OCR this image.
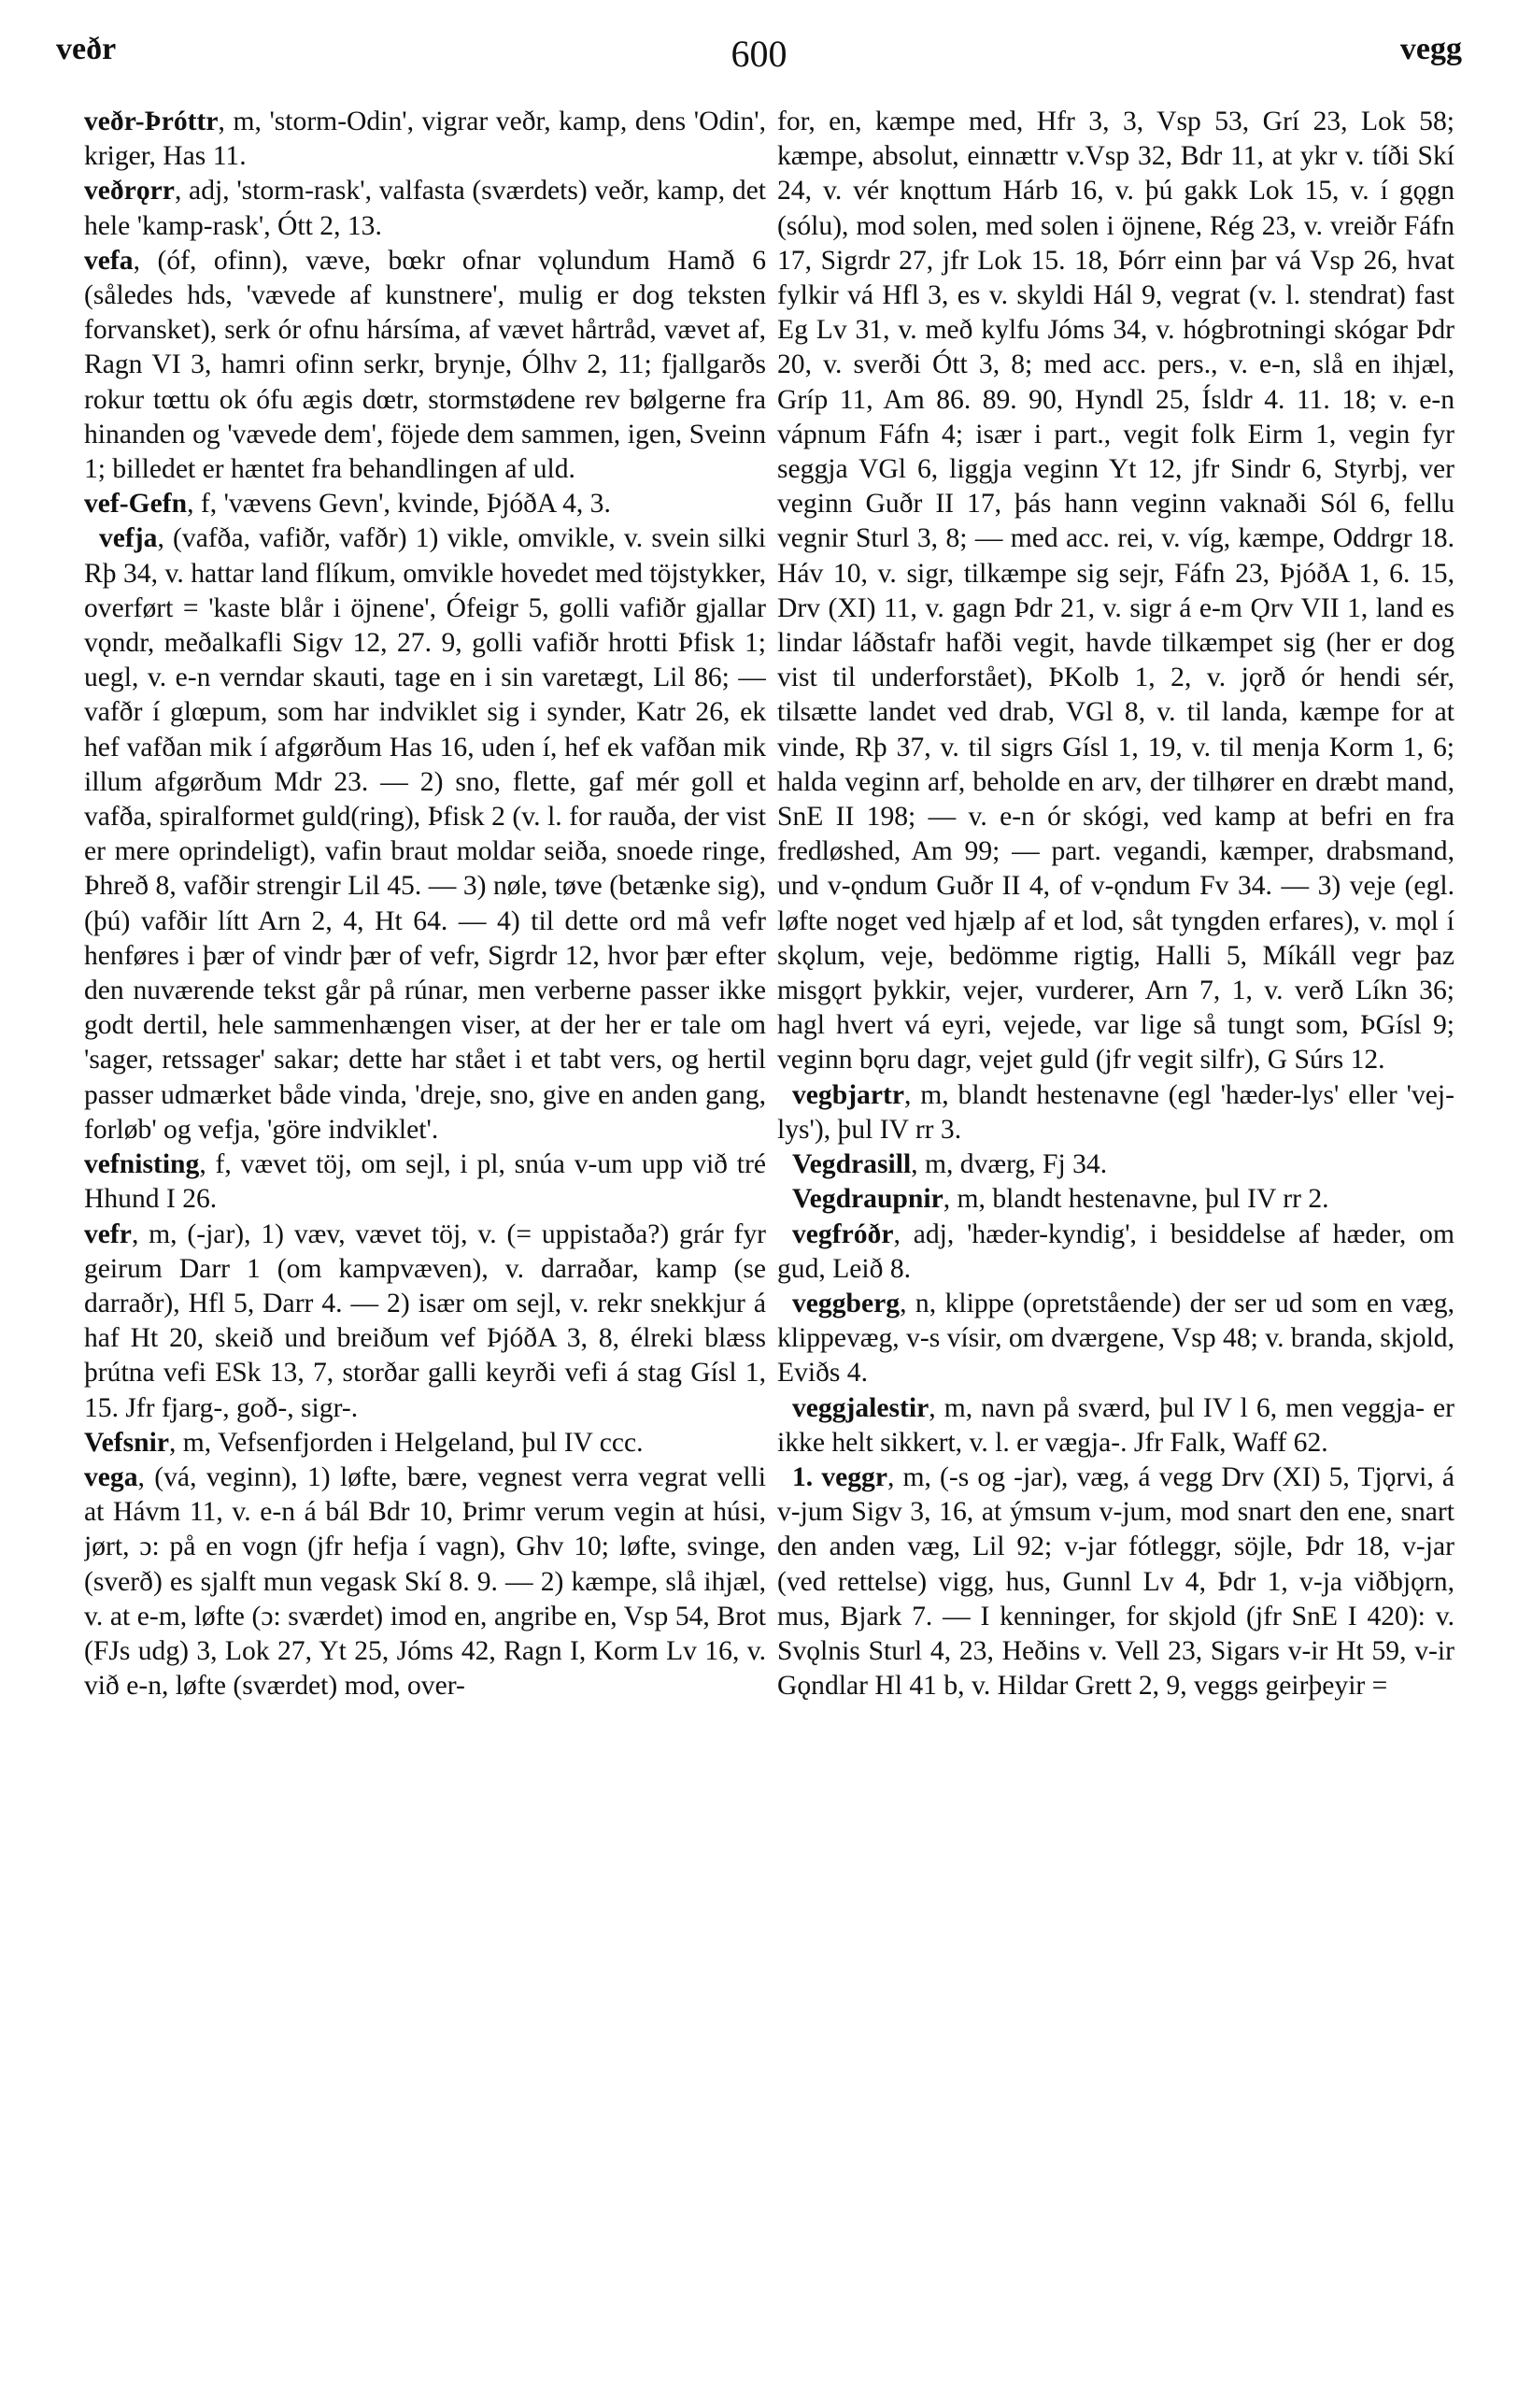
veðr	600	vegg

veðr-Þróttr, m, 'storm-Odin', vigrar veðr, kamp, dens 'Odin', kriger, Has 11.

veðrǫrr, adj, 'storm-rask', valfasta (sværdets) veðr, kamp, det hele 'kamp-rask', Ótt 2, 13.

vefa, (óf, ofinn), væve, bœkr ofnar vǫlundum Hamð 6 (således hds, 'vævede af kunstnere', mulig er dog teksten forvansket), serk ór ofnu hársíma, af vævet hårtråd, vævet af, Ragn VI 3, hamri ofinn serkr, brynje, Ólhv 2, 11; fjallgarðs rokur tœttu ok ófu ægis dœtr, stormstødene rev bølgerne fra hinanden og 'vævede dem', föjede dem sammen, igen, Sveinn 1; billedet er hæntet fra behandlingen af uld.

vef-Gefn, f, 'vævens Gevn', kvinde, ÞjóðA 4, 3.

vefja, (vafða, vafiðr, vafðr) 1) vikle, omvikle, v. svein silki Rþ 34, v. hattar land flíkum, omvikle hovedet med töjstykker, overført = 'kaste blår i öjnene', Ófeigr 5, golli vafiðr gjallar vǫndr, meðalkafli Sigv 12, 27. 9, golli vafiðr hrotti Þfisk 1; uegl, v. e-n verndar skauti, tage en i sin varetægt, Lil 86; — vafðr í glœpum, som har indviklet sig i synder, Katr 26, ek hef vafðan mik í afgørðum Has 16, uden í, hef ek vafðan mik illum afgørðum Mdr 23. — 2) sno, flette, gaf mér goll et vafða, spiralformet guld(ring), Þfisk 2 (v. l. for rauða, der vist er mere oprindeligt), vafin braut moldar seiða, snoede ringe, Þhreð 8, vafðir strengir Lil 45. — 3) nøle, tøve (betænke sig), (þú) vafðir lítt Arn 2, 4, Ht 64. — 4) til dette ord må vefr henføres i þær of vindr þær of vefr, Sigrdr 12, hvor þær efter den nuværende tekst går på rúnar, men verberne passer ikke godt dertil, hele sammenhængen viser, at der her er tale om 'sager, retssager' sakar; dette har stået i et tabt vers, og hertil passer udmærket både vinda, 'dreje, sno, give en anden gang, forløb' og vefja, 'göre indviklet'.

vefnisting, f, vævet töj, om sejl, i pl, snúa v-um upp við tré Hhund I 26.

vefr, m, (-jar), 1) væv, vævet töj, v. (= uppistaða?) grár fyr geirum Darr 1 (om kampvæven), v. darraðar, kamp (se darraðr), Hfl 5, Darr 4. — 2) især om sejl, v. rekr snekkjur á haf Ht 20, skeið und breiðum vef ÞjóðA 3, 8, élreki blæss þrútna vefi ESk 13, 7, storðar galli keyrði vefi á stag Gísl 1, 15. Jfr fjarg-, goð-, sigr-.

Vefsnir, m, Vefsenfjorden i Helgeland, þul IV ccc.

vega, (vá, veginn), 1) løfte, bære, vegnest verra vegrat velli at Hávm 11, v. e-n á bál Bdr 10, Þrimr verum vegin at húsi, jørt, ɔ: på en vogn (jfr hefja í vagn), Ghv 10; løfte, svinge, (sverð) es sjalft mun vegask Skí 8. 9. — 2) kæmpe, slå ihjæl, v. at e-m, løfte (ɔ: sværdet) imod en, angribe en, Vsp 54, Brot (FJs udg) 3, Lok 27, Yt 25, Jóms 42, Ragn I, Korm Lv 16, v. við e-n, løfte (sværdet) mod, over-

for, en, kæmpe med, Hfr 3, 3, Vsp 53, Grí 23, Lok 58; kæmpe, absolut, einnættr v.Vsp 32, Bdr 11, at ykr v. tíði Skí 24, v. vér knǫttum Hárb 16, v. þú gakk Lok 15, v. í gǫgn (sólu), mod solen, med solen i öjnene, Rég 23, v. vreiðr Fáfn 17, Sigrdr 27, jfr Lok 15. 18, Þórr einn þar vá Vsp 26, hvat fylkir vá Hfl 3, es v. skyldi Hál 9, vegrat (v. l. stendrat) fast Eg Lv 31, v. með kylfu Jóms 34, v. hógbrotningi skógar Þdr 20, v. sverði Ótt 3, 8; med acc. pers., v. e-n, slå en ihjæl, Gríp 11, Am 86. 89. 90, Hyndl 25, Ísldr 4. 11. 18; v. e-n vápnum Fáfn 4; især i part., vegit folk Eirm 1, vegin fyr seggja VGl 6, liggja veginn Yt 12, jfr Sindr 6, Styrbj, ver veginn Guðr II 17, þás hann veginn vaknaði Sól 6, fellu vegnir Sturl 3, 8; — med acc. rei, v. víg, kæmpe, Oddrgr 18. Háv 10, v. sigr, tilkæmpe sig sejr, Fáfn 23, ÞjóðA 1, 6. 15, Drv (XI) 11, v. gagn Þdr 21, v. sigr á e-m Ǫrv VII 1, land es lindar láðstafr hafði vegit, havde tilkæmpet sig (her er dog vist til underforstået), ÞKolb 1, 2, v. jǫrð ór hendi sér, tilsætte landet ved drab, VGl 8, v. til landa, kæmpe for at vinde, Rþ 37, v. til sigrs Gísl 1, 19, v. til menja Korm 1, 6; halda veginn arf, beholde en arv, der tilhører en dræbt mand, SnE II 198; — v. e-n ór skógi, ved kamp at befri en fra fredløshed, Am 99; — part. vegandi, kæmper, drabsmand, und v-ǫndum Guðr II 4, of v-ǫndum Fv 34. — 3) veje (egl. løfte noget ved hjælp af et lod, såt tyngden erfares), v. mǫl í skǫlum, veje, bedömme rigtig, Halli 5, Míkáll vegr þaz misgǫrt þykkir, vejer, vurderer, Arn 7, 1, v. verð Líkn 36; hagl hvert vá eyri, vejede, var lige så tungt som, ÞGísl 9; veginn bǫru dagr, vejet guld (jfr vegit silfr), G Súrs 12.

vegbjartr, m, blandt hestenavne (egl 'hæder-lys' eller 'vej-lys'), þul IV rr 3.

Vegdrasill, m, dværg, Fj 34.

Vegdraupnir, m, blandt hestenavne, þul IV rr 2.

vegfróðr, adj, 'hæder-kyndig', i besiddelse af hæder, om gud, Leið 8.

veggberg, n, klippe (opretstående) der ser ud som en væg, klippevæg, v-s vísir, om dværgene, Vsp 48; v. branda, skjold, Eviðs 4.

veggjalestir, m, navn på sværd, þul IV l 6, men veggja- er ikke helt sikkert, v. l. er vægja-. Jfr Falk, Waff 62.

1. veggr, m, (-s og -jar), væg, á vegg Drv (XI) 5, Tjǫrvi, á v-jum Sigv 3, 16, at ýmsum v-jum, mod snart den ene, snart den anden væg, Lil 92; v-jar fótleggr, söjle, Þdr 18, v-jar (ved rettelse) vigg, hus, Gunnl Lv 4, Þdr 1, v-ja viðbjǫrn, mus, Bjark 7. — I kenninger, for skjold (jfr SnE I 420): v. Svǫlnis Sturl 4, 23, Heðins v. Vell 23, Sigars v-ir Ht 59, v-ir Gǫndlar Hl 41 b, v. Hildar Grett 2, 9, veggs geirþeyir =
